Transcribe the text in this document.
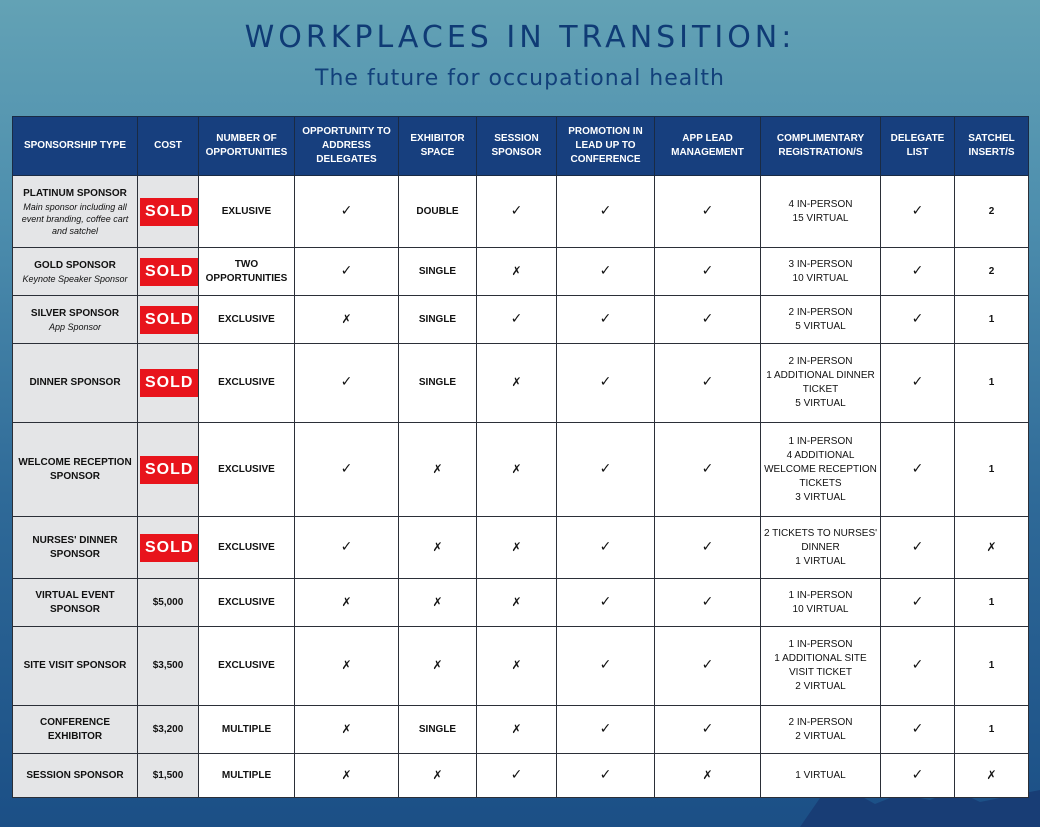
WORKPLACES IN TRANSITION:
The future for occupational health
SPONSORSHIP TYPE	COST	NUMBER OF OPPORTUNITIES	OPPORTUNITY TO ADDRESS DELEGATES	EXHIBITOR SPACE	SESSION SPONSOR	PROMOTION IN LEAD UP TO CONFERENCE	APP LEAD MANAGEMENT	COMPLIMENTARY REGISTRATION/S	DELEGATE LIST	SATCHEL INSERT/S

PLATINUM SPONSOR
Main sponsor including all event branding, coffee cart and satchel	SOLD	EXLUSIVE	✓	DOUBLE	✓	✓	✓	4 IN-PERSON
15 VIRTUAL	✓	2

GOLD SPONSOR
Keynote Speaker Sponsor	SOLD	TWO OPPORTUNITIES	✓	SINGLE	✗	✓	✓	3 IN-PERSON
10 VIRTUAL	✓	2

SILVER SPONSOR
App Sponsor	SOLD	EXCLUSIVE	✗	SINGLE	✓	✓	✓	2 IN-PERSON
5 VIRTUAL	✓	1

DINNER SPONSOR	SOLD	EXCLUSIVE	✓	SINGLE	✗	✓	✓	2 IN-PERSON
1 ADDITIONAL DINNER TICKET
5 VIRTUAL	✓	1

WELCOME RECEPTION SPONSOR	SOLD	EXCLUSIVE	✓	✗	✗	✓	✓	1 IN-PERSON
4 ADDITIONAL WELCOME RECEPTION TICKETS
3 VIRTUAL	✓	1

NURSES' DINNER SPONSOR	SOLD	EXCLUSIVE	✓	✗	✗	✓	✓	2 TICKETS TO NURSES' DINNER
1 VIRTUAL	✓	✗

VIRTUAL EVENT SPONSOR	$5,000	EXCLUSIVE	✗	✗	✗	✓	✓	1 IN-PERSON
10 VIRTUAL	✓	1

SITE VISIT SPONSOR	$3,500	EXCLUSIVE	✗	✗	✗	✓	✓	1 IN-PERSON
1 ADDITIONAL SITE VISIT TICKET
2 VIRTUAL	✓	1

CONFERENCE EXHIBITOR	$3,200	MULTIPLE	✗	SINGLE	✗	✓	✓	2 IN-PERSON
2 VIRTUAL	✓	1

SESSION SPONSOR	$1,500	MULTIPLE	✗	✗	✓	✓	✗	1 VIRTUAL	✓	✗
